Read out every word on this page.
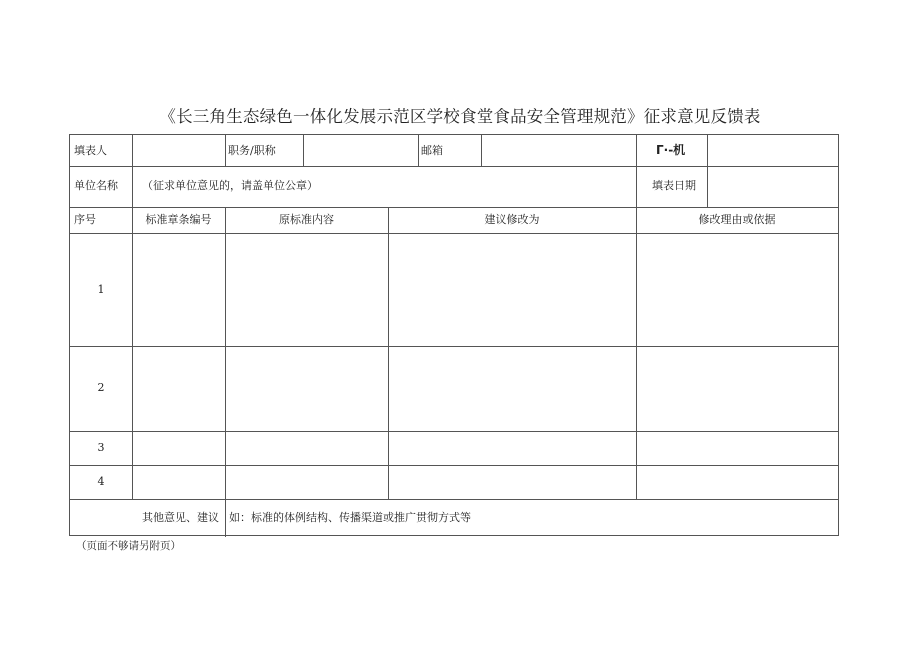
《长三角生态绿色一体化发展示范区学校食堂食品安全管理规范》征求意见反馈表
填表人	职务/职称	邮箱	Γ·-机
单位名称 （征求单位意见的，请盖单位公章）	填表日期
序号	标准章条编号	原标准内容	建议修改为	修改理由或依据
1
2
3
4
其他意见、建议 如：标准的体例结构、传播渠道或推广贯彻方式等
（页面不够请另附页）
